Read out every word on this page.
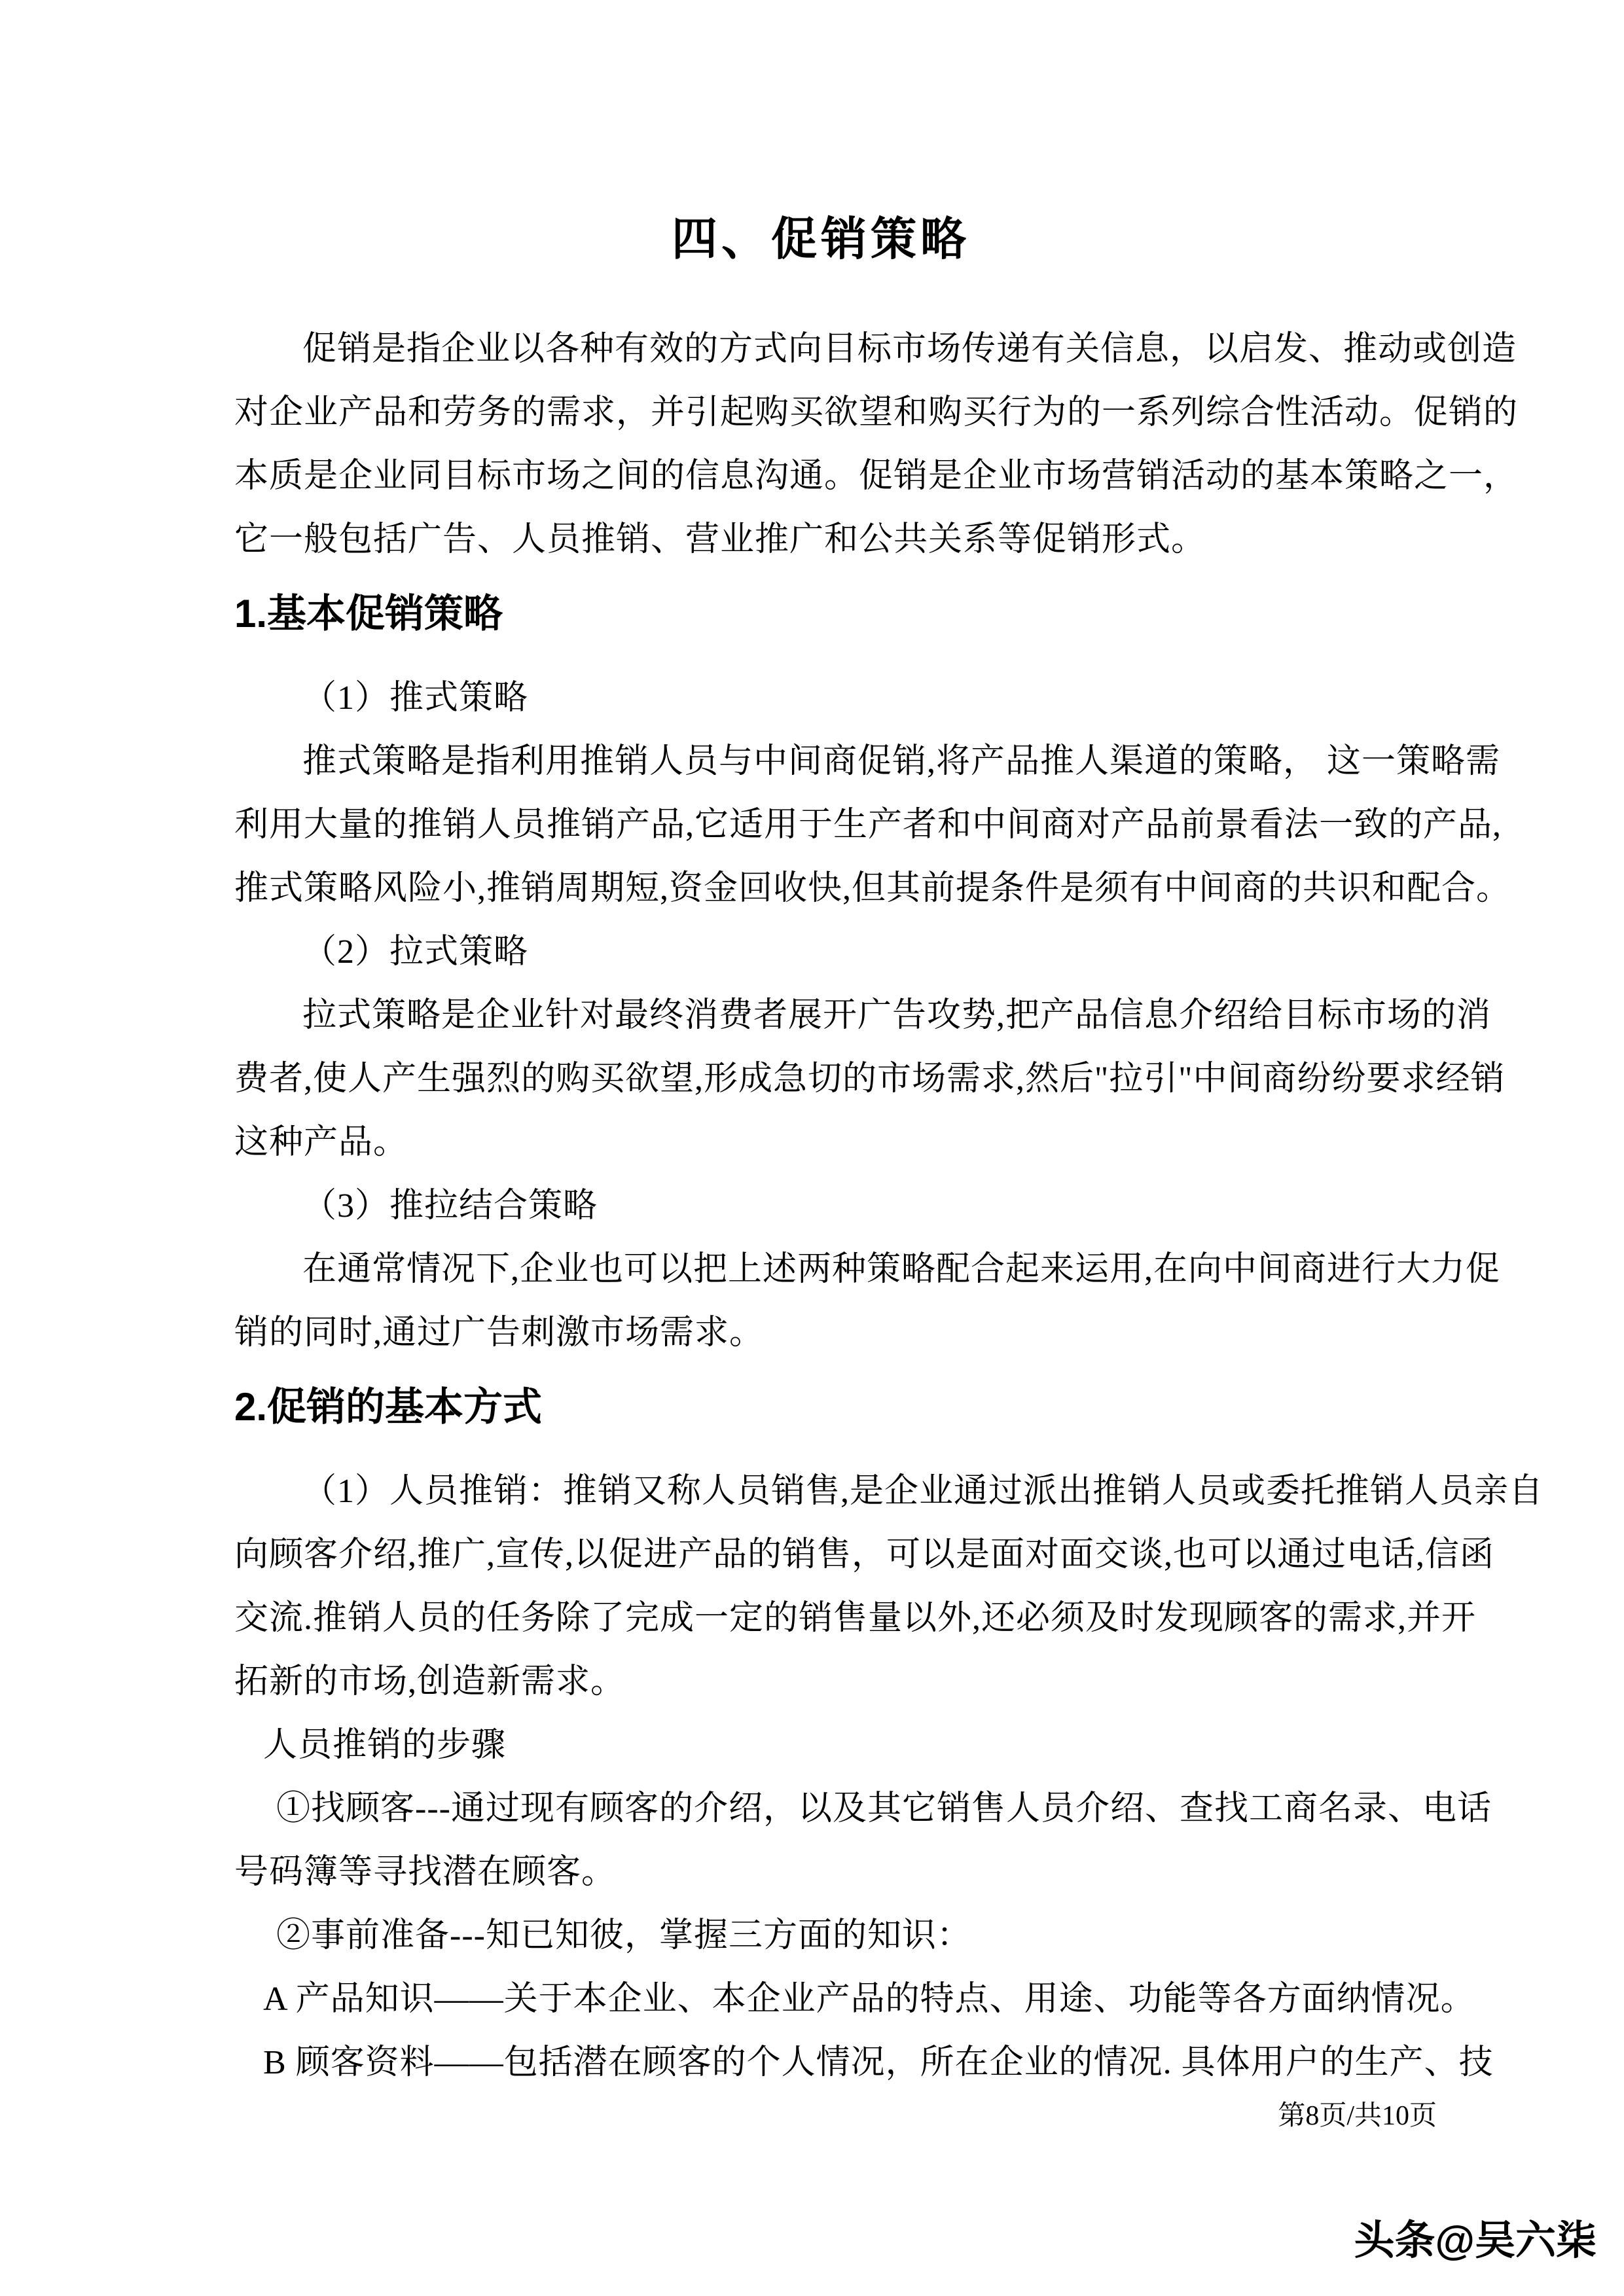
四、促销策略
促销是指企业以各种有效的方式向目标市场传递有关信息，以启发、推动或创造
对企业产品和劳务的需求，并引起购买欲望和购买行为的一系列综合性活动。促销的
本质是企业同目标市场之间的信息沟通。促销是企业市场营销活动的基本策略之一，
它一般包括广告、人员推销、营业推广和公共关系等促销形式。
1.基本促销策略
（1）推式策略
推式策略是指利用推销人员与中间商促销,将产品推人渠道的策略， 这一策略需
利用大量的推销人员推销产品,它适用于生产者和中间商对产品前景看法一致的产品,
推式策略风险小,推销周期短,资金回收快,但其前提条件是须有中间商的共识和配合。
（2）拉式策略
拉式策略是企业针对最终消费者展开广告攻势,把产品信息介绍给目标市场的消
费者,使人产生强烈的购买欲望,形成急切的市场需求,然后"拉引"中间商纷纷要求经销
这种产品。
（3）推拉结合策略
在通常情况下,企业也可以把上述两种策略配合起来运用,在向中间商进行大力促
销的同时,通过广告刺激市场需求。
2.促销的基本方式
（1）人员推销：推销又称人员销售,是企业通过派出推销人员或委托推销人员亲自
向顾客介绍,推广,宣传,以促进产品的销售，可以是面对面交谈,也可以通过电话,信函
交流.推销人员的任务除了完成一定的销售量以外,还必须及时发现顾客的需求,并开
拓新的市场,创造新需求。
人员推销的步骤
①找顾客---通过现有顾客的介绍，以及其它销售人员介绍、查找工商名录、电话
号码簿等寻找潜在顾客。
②事前准备---知已知彼，掌握三方面的知识：
A 产品知识——关于本企业、本企业产品的特点、用途、功能等各方面纳情况。
B 顾客资料——包括潜在顾客的个人情况，所在企业的情况. 具体用户的生产、技
第8页/共10页
头条@吴六柒
